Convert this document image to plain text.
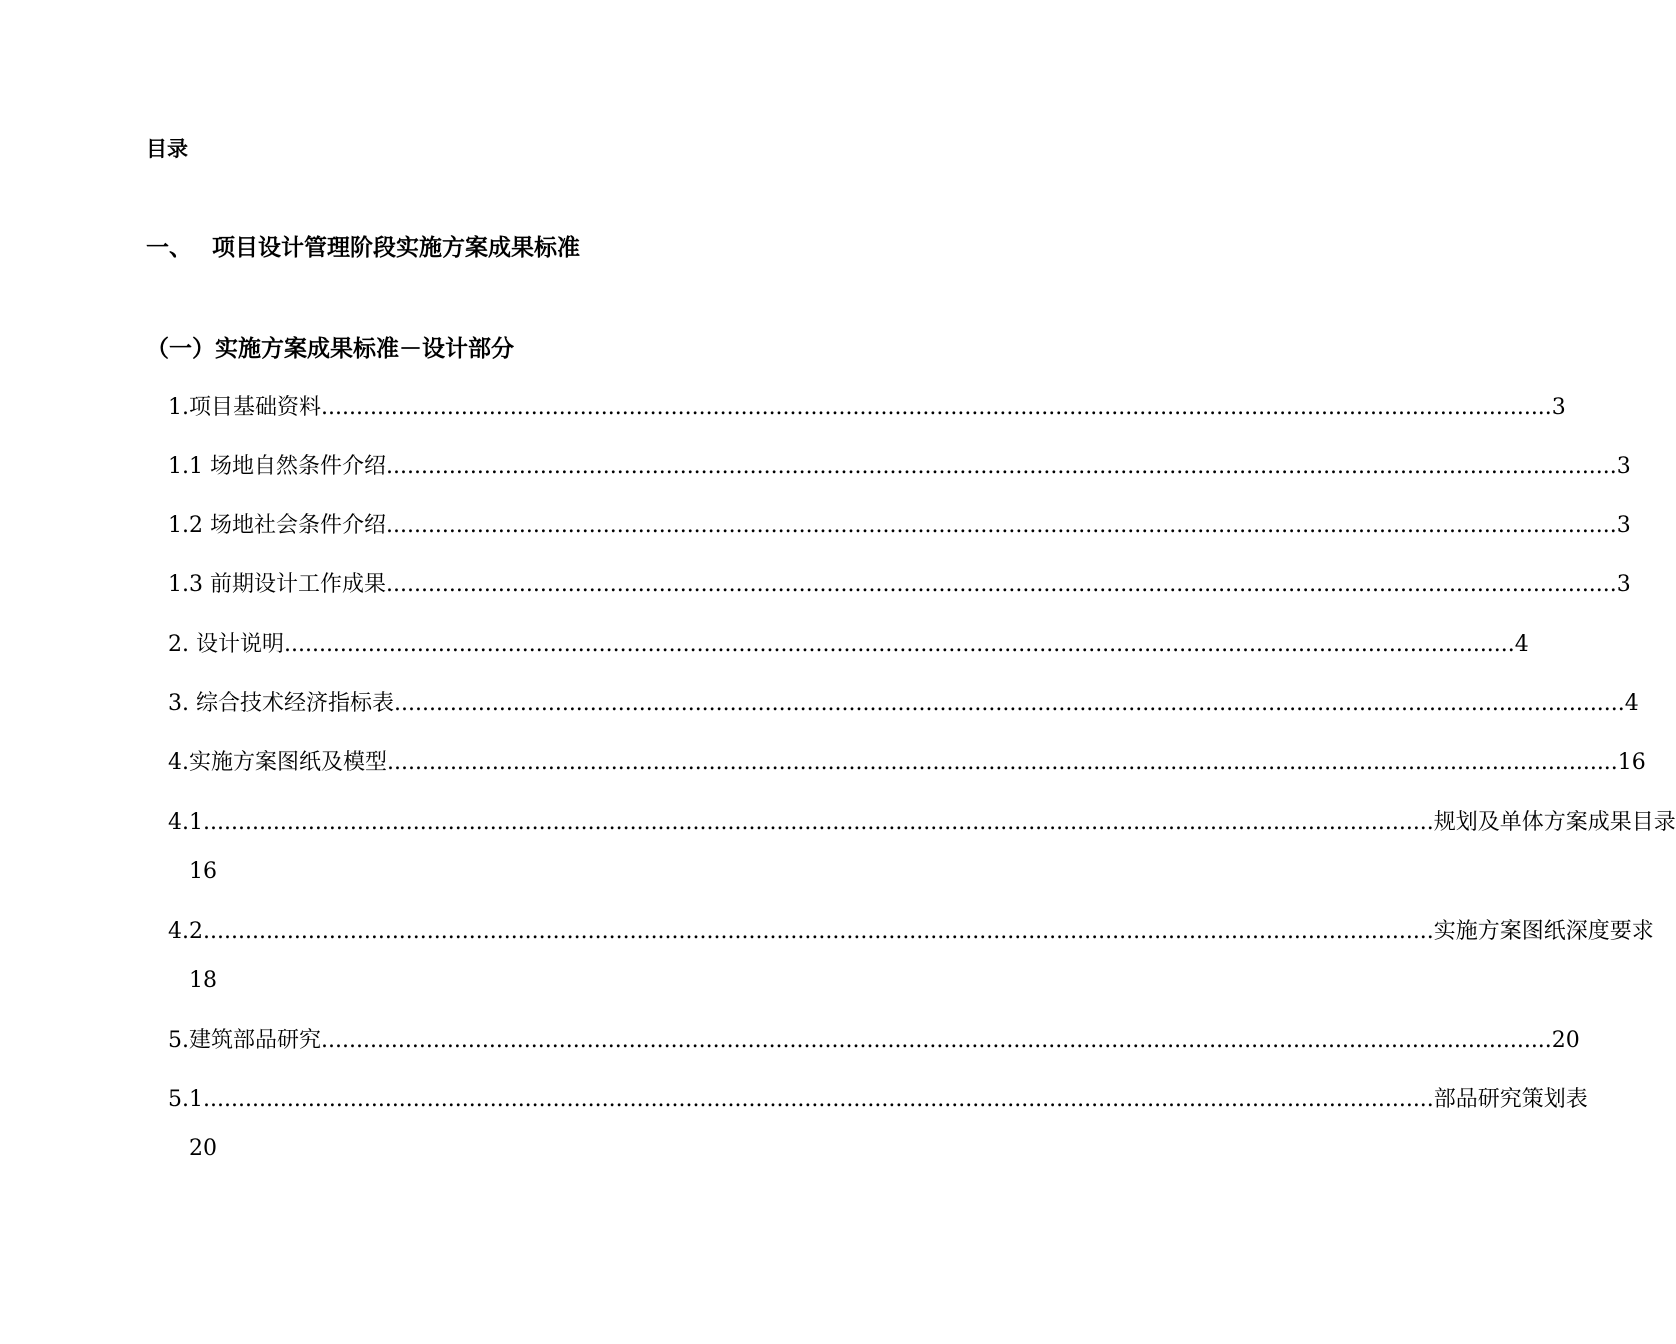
目录
一、 项目设计管理阶段实施方案成果标准
（一）实施方案成果标准－设计部分
1.项目基础资料 ................................................................................................................................................................................ 3
1.1 场地自然条件介绍 ................................................................................................................................................................................ 3
1.2 场地社会条件介绍 ................................................................................................................................................................................ 3
1.3 前期设计工作成果 ................................................................................................................................................................................ 3
2. 设计说明 ................................................................................................................................................................................ 4
3. 综合技术经济指标表 ................................................................................................................................................................................ 4
4.实施方案图纸及模型 ................................................................................................................................................................................ 16
4.1 ................................................................................................................................................................................ 规划及单体方案成果目录
16
4.2 ................................................................................................................................................................................ 实施方案图纸深度要求
18
5.建筑部品研究 ................................................................................................................................................................................ 20
5.1 ................................................................................................................................................................................ 部品研究策划表
20
